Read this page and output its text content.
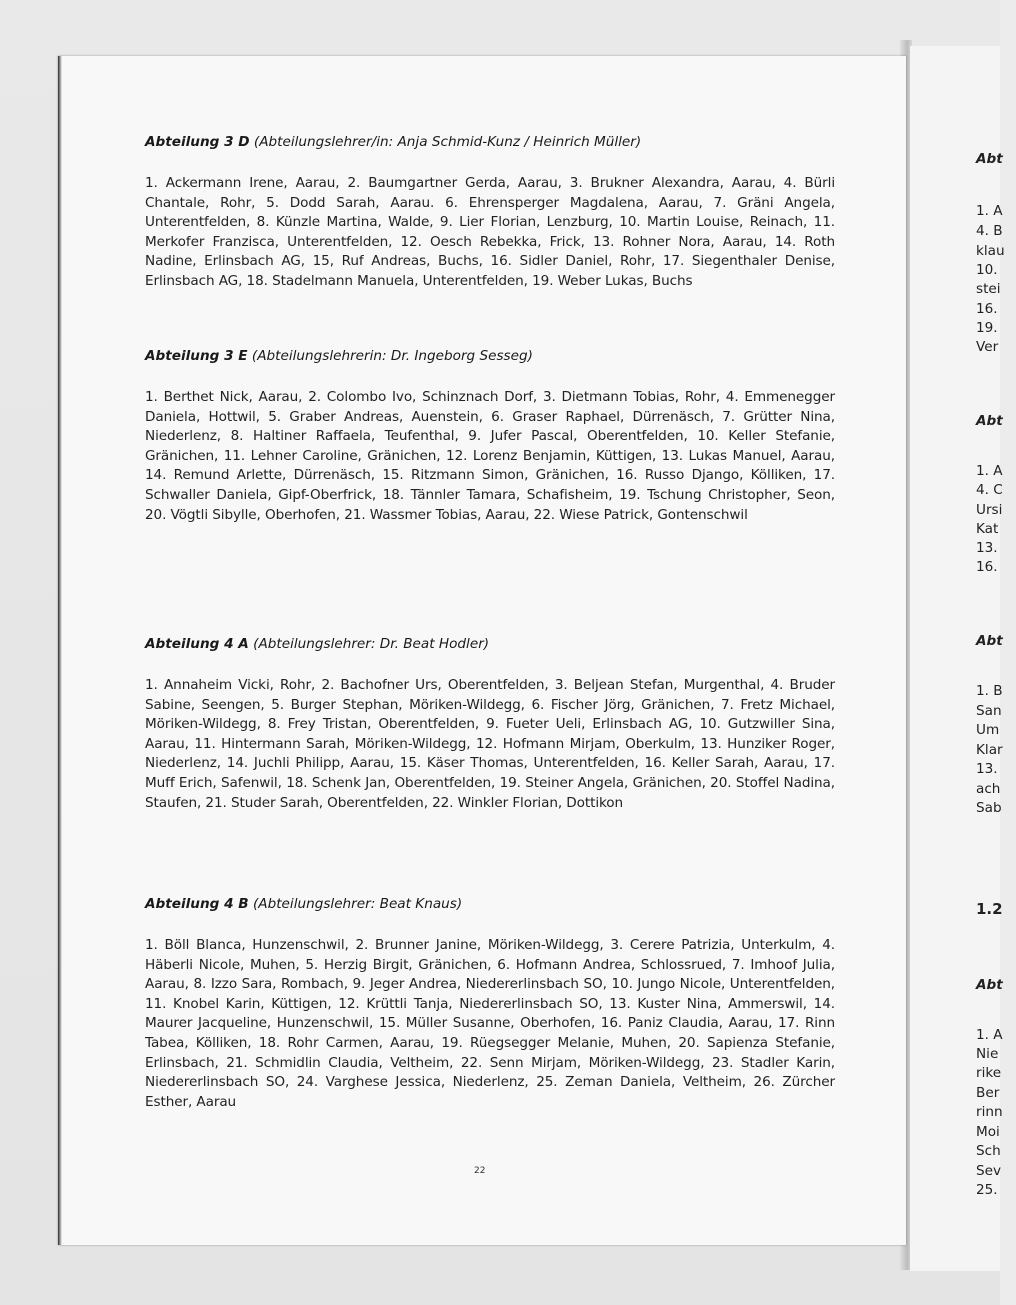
Abt
1. A
4. B
klau
10.
stei
16.
19.
Ver
Abt
1. A
4. C
Ursi
Kat
13.
16.
Abt
1. B
San
Um
Klar
13.
ach
Sab
1.2
Abt
1. A
Nie
rike
Ber
rinn
Moi
Sch
Sev
25.
Abteilung 3 D (Abteilungslehrer/in: Anja Schmid-Kunz / Heinrich Müller)
1. Ackermann Irene, Aarau, 2. Baumgartner Gerda, Aarau, 3. Brukner Alexandra, Aarau, 4. Bürli Chantale, Rohr, 5. Dodd Sarah, Aarau. 6. Ehrensperger Magdalena, Aarau, 7. Gräni Angela, Unterentfelden, 8. Künzle Martina, Walde, 9. Lier Florian, Lenzburg, 10. Martin Louise, Reinach, 11. Merkofer Franzisca, Unterentfelden, 12. Oesch Rebekka, Frick, 13. Rohner Nora, Aarau, 14. Roth Nadine, Erlinsbach AG, 15, Ruf Andreas, Buchs, 16. Sidler Daniel, Rohr, 17. Siegenthaler Denise, Erlinsbach AG, 18. Stadelmann Manuela, Unterentfelden, 19. Weber Lukas, Buchs
Abteilung 3 E (Abteilungslehrerin: Dr. Ingeborg Sesseg)
1. Berthet Nick, Aarau, 2. Colombo Ivo, Schinznach Dorf, 3. Dietmann Tobias, Rohr, 4. Emmenegger Daniela, Hottwil, 5. Graber Andreas, Auenstein, 6. Graser Raphael, Dürrenäsch, 7. Grütter Nina, Niederlenz, 8. Haltiner Raffaela, Teufenthal, 9. Jufer Pascal, Oberentfelden, 10. Keller Stefanie, Gränichen, 11. Lehner Caroline, Gränichen, 12. Lorenz Benjamin, Küttigen, 13. Lukas Manuel, Aarau, 14. Remund Arlette, Dürrenäsch, 15. Ritzmann Simon, Gränichen, 16. Russo Django, Kölliken, 17. Schwaller Daniela, Gipf-Oberfrick, 18. Tännler Tamara, Schafisheim, 19. Tschung Christopher, Seon, 20. Vögtli Sibylle, Oberhofen, 21. Wassmer Tobias, Aarau, 22. Wiese Patrick, Gontenschwil
Abteilung 4 A (Abteilungslehrer: Dr. Beat Hodler)
1. Annaheim Vicki, Rohr, 2. Bachofner Urs, Oberentfelden, 3. Beljean Stefan, Murgenthal, 4. Bruder Sabine, Seengen, 5. Burger Stephan, Möriken-Wildegg, 6. Fischer Jörg, Gränichen, 7. Fretz Michael, Möriken-Wildegg, 8. Frey Tristan, Oberentfelden, 9. Fueter Ueli, Erlinsbach AG, 10. Gutzwiller Sina, Aarau, 11. Hintermann Sarah, Möriken-Wildegg, 12. Hofmann Mirjam, Oberkulm, 13. Hunziker Roger, Niederlenz, 14. Juchli Philipp, Aarau, 15. Käser Thomas, Unterentfelden, 16. Keller Sarah, Aarau, 17. Muff Erich, Safenwil, 18. Schenk Jan, Oberentfelden, 19. Steiner Angela, Gränichen, 20. Stoffel Nadina, Staufen, 21. Studer Sarah, Oberentfelden, 22. Winkler Florian, Dottikon
Abteilung 4 B (Abteilungslehrer: Beat Knaus)
1. Böll Blanca, Hunzenschwil, 2. Brunner Janine, Möriken-Wildegg, 3. Cerere Patrizia, Unterkulm, 4. Häberli Nicole, Muhen, 5. Herzig Birgit, Gränichen, 6. Hofmann Andrea, Schlossrued, 7. Imhoof Julia, Aarau, 8. Izzo Sara, Rombach, 9. Jeger Andrea, Niedererlinsbach SO, 10. Jungo Nicole, Unterentfelden, 11. Knobel Karin, Küttigen, 12. Krüttli Tanja, Niedererlinsbach SO, 13. Kuster Nina, Ammerswil, 14. Maurer Jacqueline, Hunzenschwil, 15. Müller Susanne, Oberhofen, 16. Paniz Claudia, Aarau, 17. Rinn Tabea, Kölliken, 18. Rohr Carmen, Aarau, 19. Rüegsegger Melanie, Muhen, 20. Sapienza Stefanie, Erlinsbach, 21. Schmidlin Claudia, Veltheim, 22. Senn Mirjam, Möriken-Wildegg, 23. Stadler Karin, Niedererlinsbach SO, 24. Varghese Jessica, Niederlenz, 25. Zeman Daniela, Veltheim, 26. Zürcher Esther, Aarau
22
